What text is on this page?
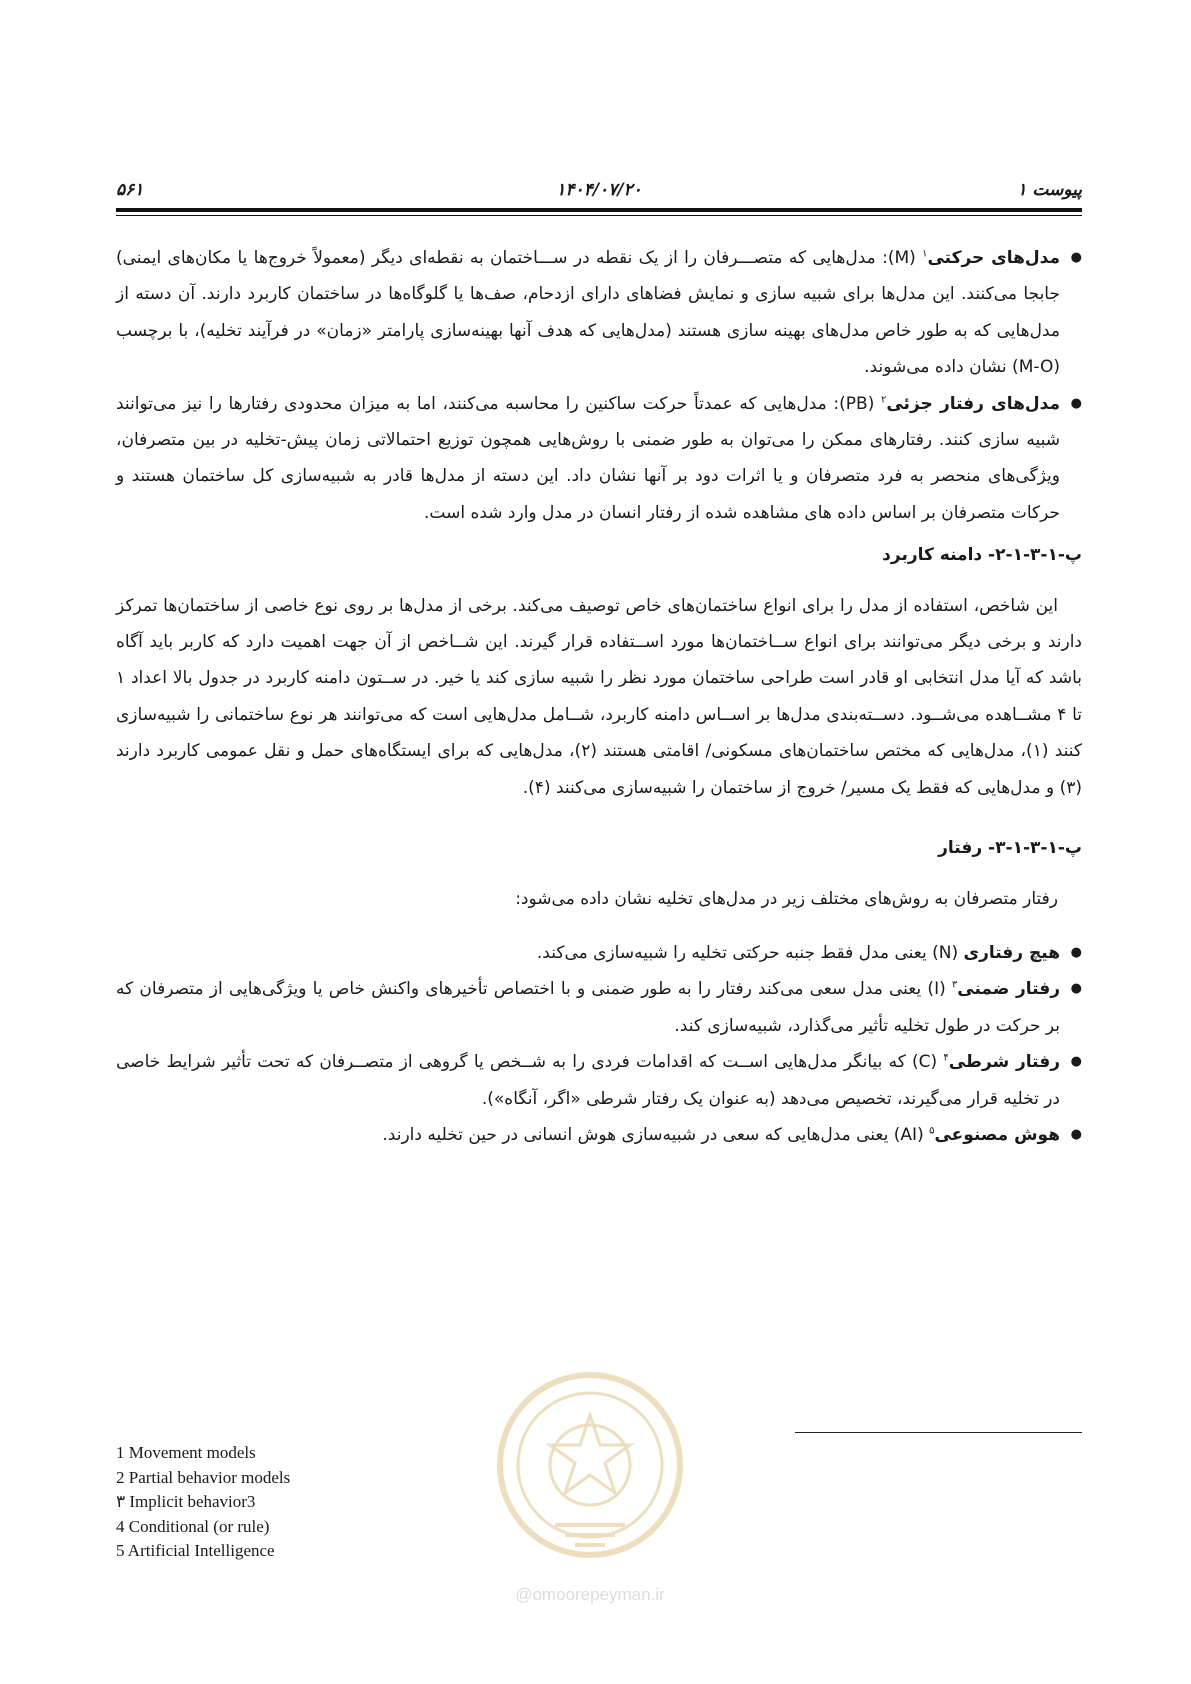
پیوست ۱
۱۴۰۴/۰۷/۲۰
۵۶۱
●
مدل‌های حرکتی$^۱$ (M): مدل‌هایی که متصـــرفان را از یک نقطه در ســـاختمان به نقطه‌ای دیگر (معمولاً خروج‌ها یا مکان‌های ایمنی) جابجا می‌کنند. این مدل‌ها برای شبیه سازی و نمایش فضاهای دارای ازدحام، صف‌ها یا گلوگاه‌ها در ساختمان کاربرد دارند. آن دسته از مدل‌هایی که به طور خاص مدل‌های بهینه سازی هستند (مدل‌هایی که هدف آنها بهینه‌سازی پارامتر «زمان» در فرآیند تخلیه)، با برچسب (M-O) نشان داده می‌شوند.
●
مدل‌های رفتار جزئی$^۲$ (PB): مدل‌هایی که عمدتاً حرکت ساکنین را محاسبه می‌کنند، اما به میزان محدودی رفتارها را نیز می‌توانند شبیه سازی کنند. رفتارهای ممکن را می‌توان به طور ضمنی با روش‌هایی همچون توزیع احتمالاتی زمان پیش-تخلیه در بین متصرفان، ویژگی‌های منحصر به فرد متصرفان و یا اثرات دود بر آنها نشان داد. این دسته از مدل‌ها قادر به شبیه‌سازی کل ساختمان هستند و حرکات متصرفان بر اساس داده های مشاهده شده از رفتار انسان در مدل وارد شده است.

پ-۱-۳-۱-۲- دامنه کاربرد

این شاخص، استفاده از مدل را برای انواع ساختمان‌های خاص توصیف می‌کند. برخی از مدل‌ها بر روی نوع خاصی از ساختمان‌ها تمرکز دارند و برخی دیگر می‌توانند برای انواع ســاختمان‌ها مورد اســتفاده قرار گیرند. این شــاخص از آن جهت اهمیت دارد که کاربر باید آگاه باشد که آیا مدل انتخابی او قادر است طراحی ساختمان مورد نظر را شبیه سازی کند یا خیر. در ســتون دامنه کاربرد در جدول بالا اعداد ۱ تا ۴ مشــاهده می‌شــود. دســته‌بندی مدل‌ها بر اســاس دامنه کاربرد، شــامل مدل‌هایی است که می‌توانند هر نوع ساختمانی را شبیه‌سازی کنند (۱)، مدل‌هایی که مختص ساختمان‌های مسکونی/ اقامتی هستند (۲)، مدل‌هایی که برای ایستگاه‌های حمل و نقل عمومی کاربرد دارند (۳) و مدل‌هایی که فقط یک مسیر/ خروج از ساختمان را شبیه‌سازی می‌کنند (۴).

پ-۱-۳-۱-۳- رفتار

رفتار متصرفان به روش‌های مختلف زیر در مدل‌های تخلیه نشان داده می‌شود:

●
هیچ رفتاری (N) یعنی مدل فقط جنبه حرکتی تخلیه را شبیه‌سازی می‌کند.
●
رفتار ضمنی$^۳$ (I) یعنی مدل سعی می‌کند رفتار را به طور ضمنی و با اختصاص تأخیرهای واکنش خاص یا ویژگی‌هایی از متصرفان که بر حرکت در طول تخلیه تأثیر می‌گذارد، شبیه‌سازی کند.
●
رفتار شرطی$^۴$ (C) که بیانگر مدل‌هایی اســت که اقدامات فردی را به شــخص یا گروهی از متصــرفان که تحت تأثیر شرایط خاصی در تخلیه قرار می‌گیرند، تخصیص می‌دهد (به عنوان یک رفتار شرطی «اگر، آنگاه»).
●
هوش مصنوعی$^۵$ (AI) یعنی مدل‌هایی که سعی در شبیه‌سازی هوش انسانی در حین تخلیه دارند.
1 Movement models
2 Partial behavior models
۳ Implicit behavior3
4 Conditional (or rule)
5 Artificial Intelligence
@omoorepeyman.ir
